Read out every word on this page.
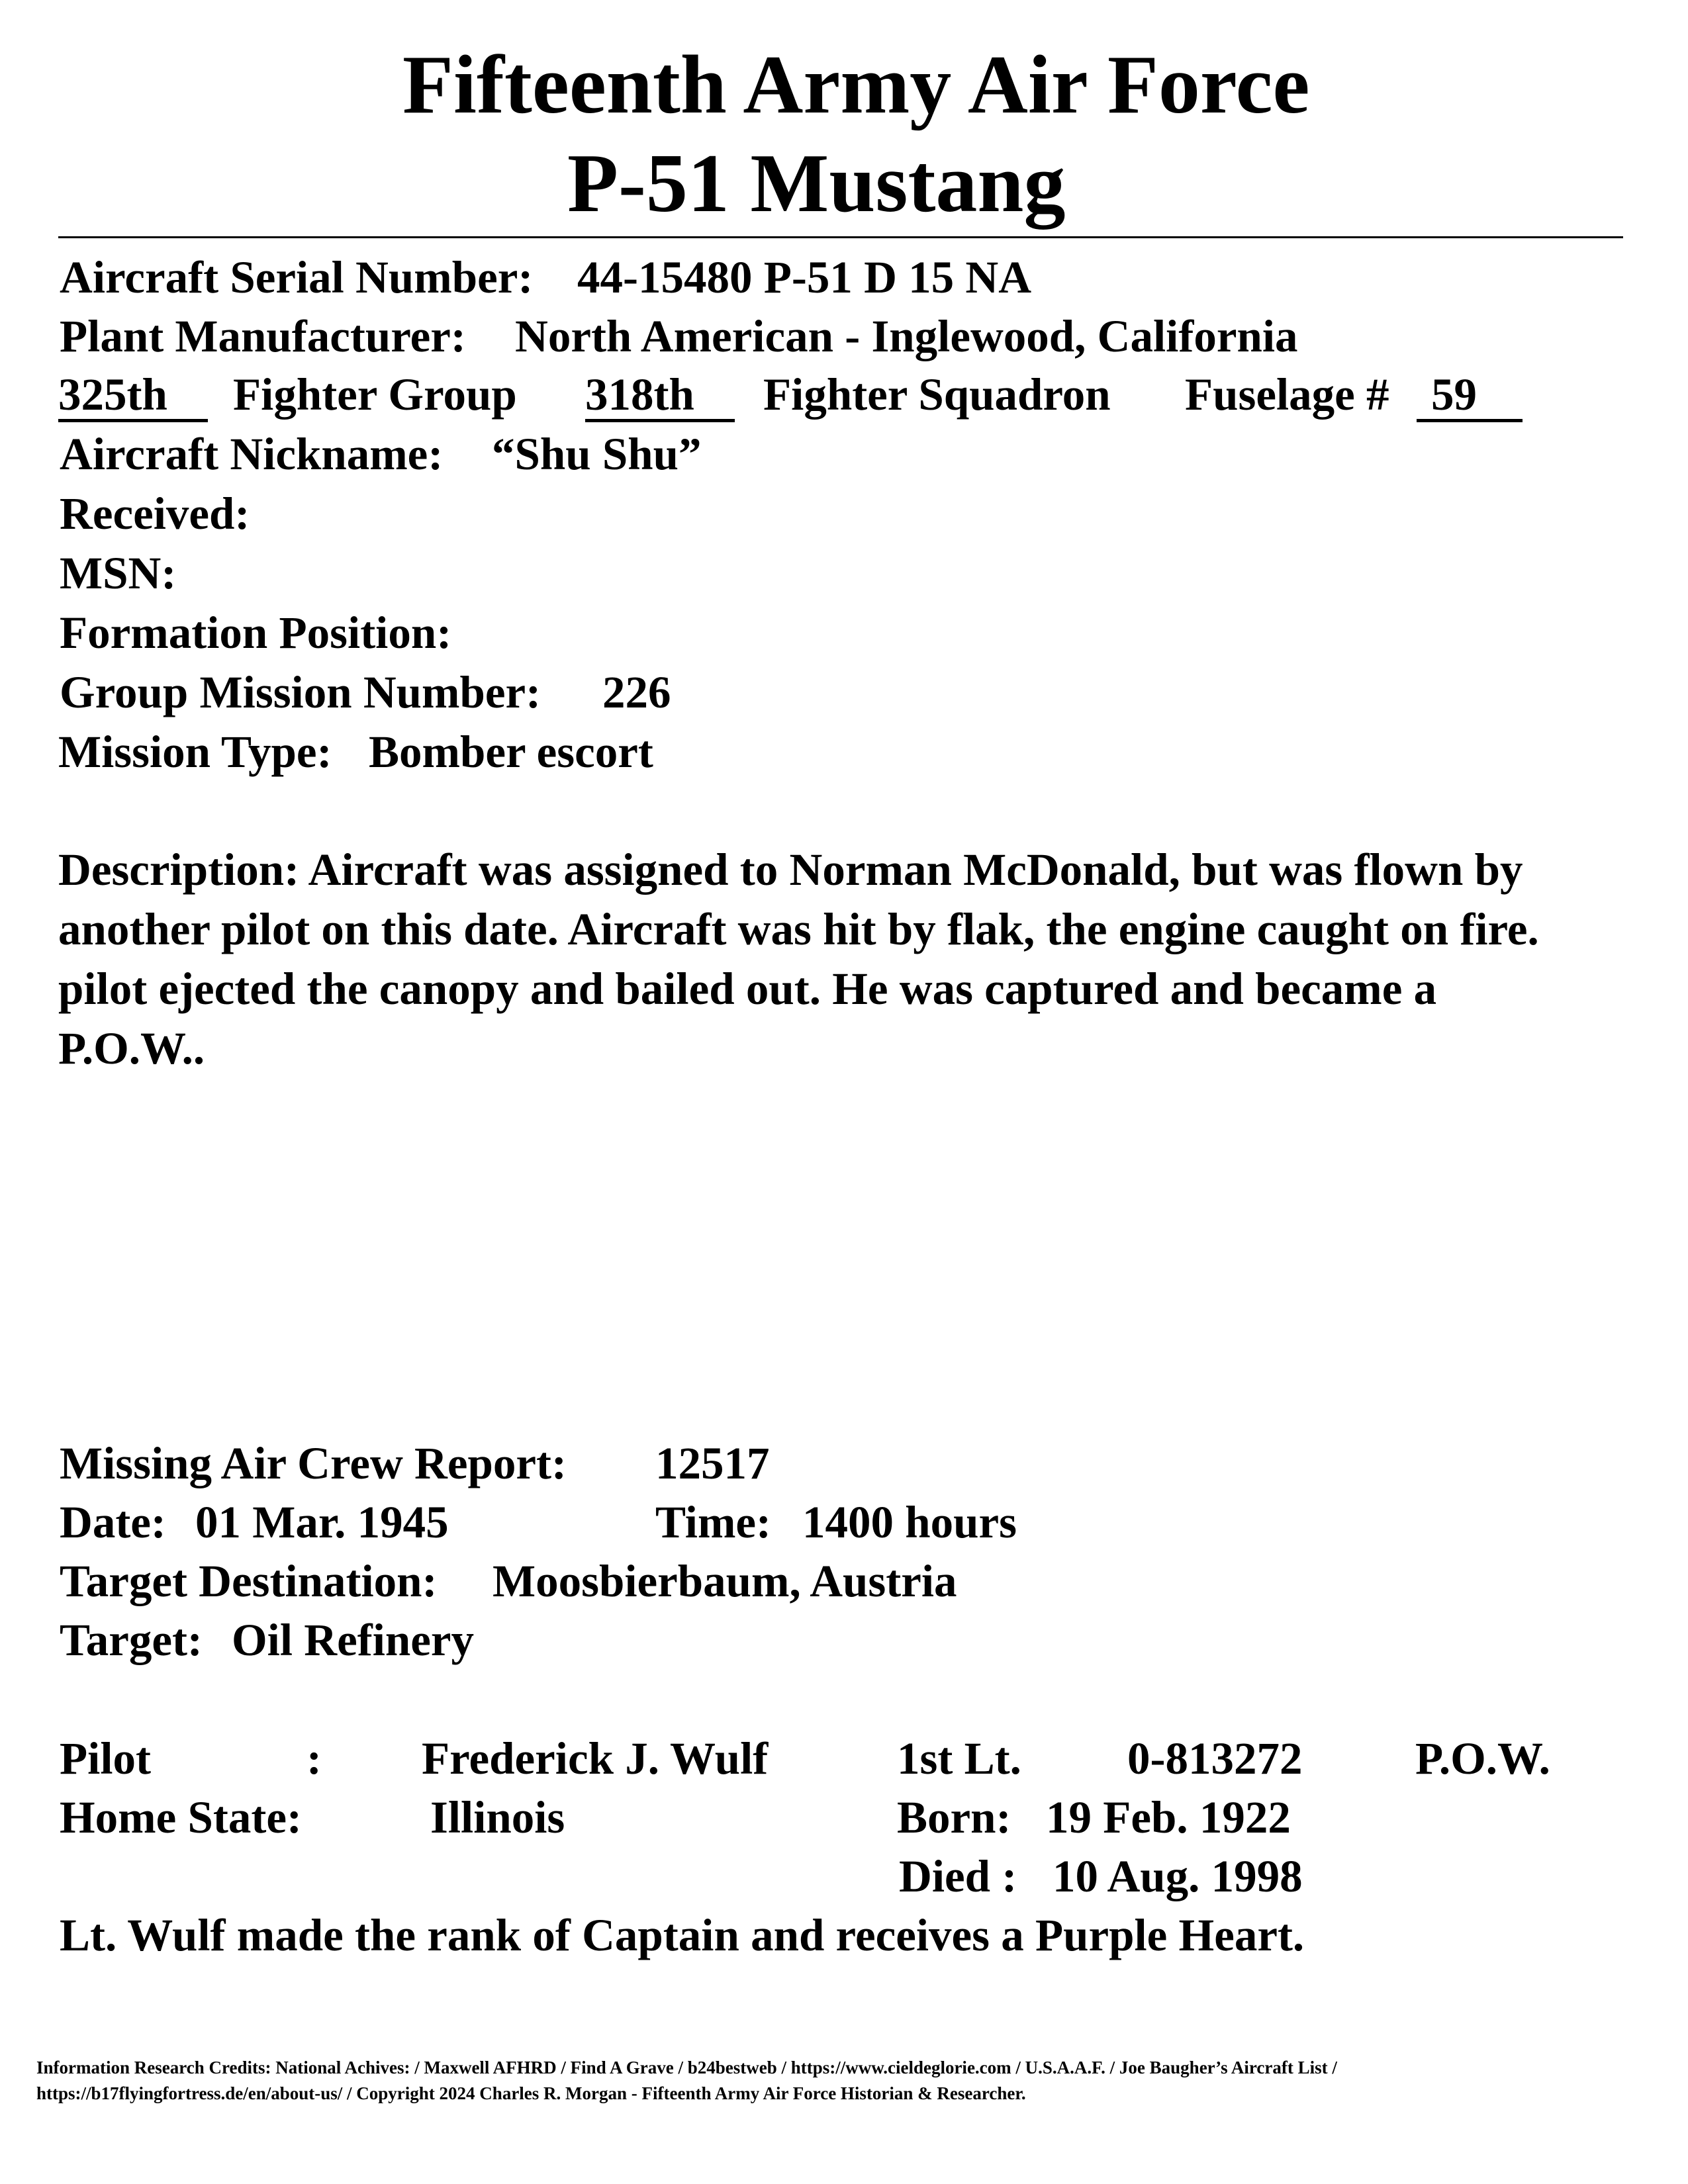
Fifteenth Army Air Force
P-51 Mustang
Aircraft Serial Number: 44-15480 P-51 D 15 NA
Plant Manufacturer: North American - Inglewood, California
325th	Fighter Group 318th	Fighter Squadron Fuselage # 59
Aircraft Nickname: “Shu Shu”
Received:
MSN:
Formation Position:
Group Mission Number: 226
Mission Type: Bomber escort
Description: Aircraft was assigned to Norman McDonald, but was flown by
another pilot on this date. Aircraft was hit by flak, the engine caught on fire.
pilot ejected the canopy and bailed out. He was captured and became a
P.O.W..
Missing Air Crew Report: 12517
Date: 01 Mar. 1945	Time: 1400 hours
Target Destination: Moosbierbaum, Austria
Target: Oil Refinery
Pilot	: Frederick J. Wulf	1st Lt. 0-813272 P.O.W.
Home State:	Illinois	Born: 19 Feb. 1922
Died : 10 Aug. 1998
Lt. Wulf made the rank of Captain and receives a Purple Heart.
Information Research Credits: National Achives: / Maxwell AFHRD / Find A Grave / b24bestweb / https://www.cieldeglorie.com / U.S.A.A.F. / Joe Baugher’s Aircraft List /
https://b17flyingfortress.de/en/about-us/ / Copyright 2024 Charles R. Morgan - Fifteenth Army Air Force Historian & Researcher.
